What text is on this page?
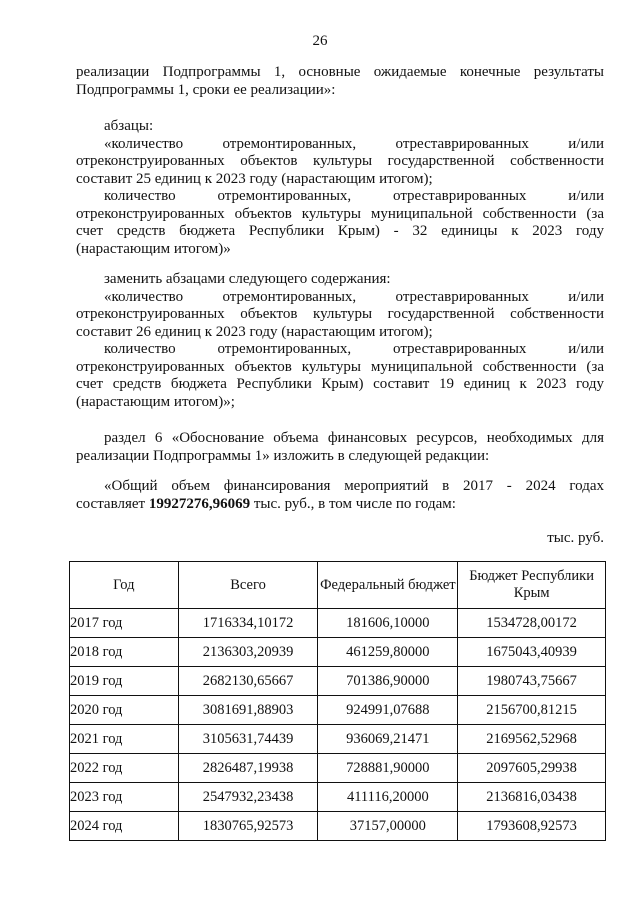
26
реализации Подпрограммы 1, основные ожидаемые конечные результаты
Подпрограммы 1, сроки ее реализации»:
абзацы:
«количество отремонтированных, отреставрированных и/или
отреконструированных объектов культуры государственной собственности
составит 25 единиц к 2023 году (нарастающим итогом);
количество отремонтированных, отреставрированных и/или
отреконструированных объектов культуры муниципальной собственности (за
счет средств бюджета Республики Крым) - 32 единицы к 2023 году
(нарастающим итогом)»
заменить абзацами следующего содержания:
«количество отремонтированных, отреставрированных и/или
отреконструированных объектов культуры государственной собственности
составит 26 единиц к 2023 году (нарастающим итогом);
количество отремонтированных, отреставрированных и/или
отреконструированных объектов культуры муниципальной собственности (за
счет средств бюджета Республики Крым) составит 19 единиц к 2023 году
(нарастающим итогом)»;
раздел 6 «Обоснование объема финансовых ресурсов, необходимых для
реализации Подпрограммы 1» изложить в следующей редакции:
«Общий объем финансирования мероприятий в 2017 - 2024 годах
составляет 19927276,96069 тыс. руб., в том числе по годам:
тыс. руб.
Год	Всего	Федеральный бюджет	Бюджет Республики Крым
2017 год	1716334,10172	181606,10000	1534728,00172
2018 год	2136303,20939	461259,80000	1675043,40939
2019 год	2682130,65667	701386,90000	1980743,75667
2020 год	3081691,88903	924991,07688	2156700,81215
2021 год	3105631,74439	936069,21471	2169562,52968
2022 год	2826487,19938	728881,90000	2097605,29938
2023 год	2547932,23438	411116,20000	2136816,03438
2024 год	1830765,92573	37157,00000	1793608,92573
